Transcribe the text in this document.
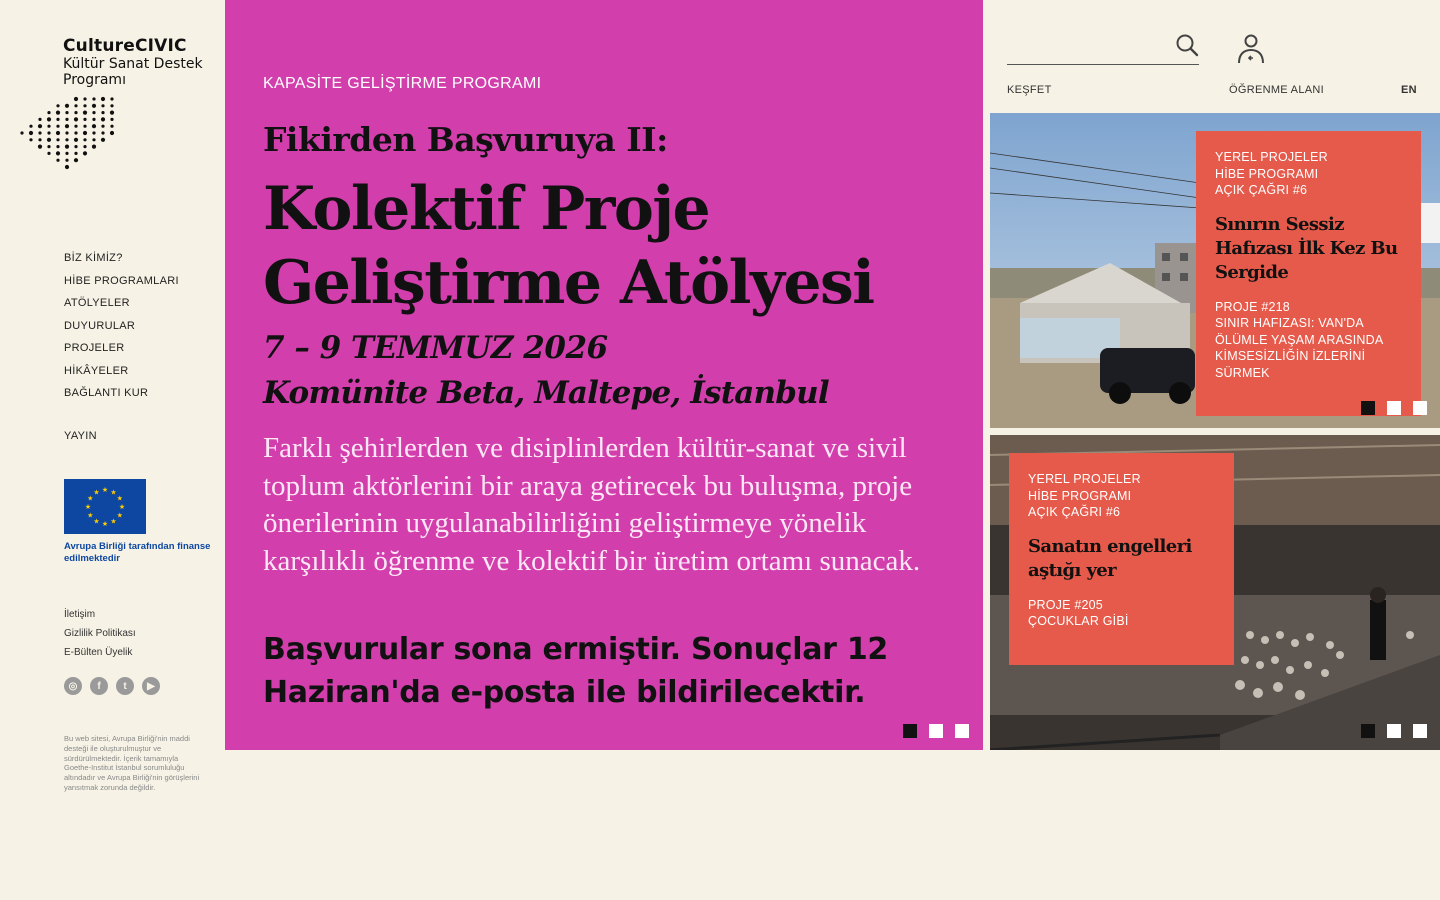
CultureCIVIC
Kültür Sanat Destek Programı
BİZ KİMİZ?
HİBE PROGRAMLARI
ATÖLYELER
DUYURULAR
PROJELER
HİKÂYELER
BAĞLANTI KUR
YAYIN
★
★
★
★
★
★
★
★
★ ★ ★
★
Avrupa Birliği tarafından finanse edilmektedir
İletişim
Gizlilik Politikası
E-Bülten Üyelik
◎	f	t	▶

Bu web sitesi, Avrupa Birliği'nin maddi desteği ile oluşturulmuştur ve sürdürülmektedir. İçerik tamamıyla Goethe-Institut İstanbul sorumluluğu altındadır ve Avrupa Birliği'nin görüşlerini yansıtmak zorunda değildir.

KAPASİTE GELİŞTİRME PROGRAMI
Fikirden Başvuruya II:
Kolektif Proje Geliştirme Atölyesi
7 – 9 TEMMUZ 2026
Komünite Beta, Maltepe, İstanbul

Farklı şehirlerden ve disiplinlerden kültür-sanat ve sivil toplum aktörlerini bir araya getirecek bu buluşma, proje önerilerinin uygulanabilirliğini geliştirmeye yönelik karşılıklı öğrenme ve kolektif bir üretim ortamı sunacak.

Başvurular sona ermiştir. Sonuçlar 12 Haziran'da e-posta ile bildirilecektir.

KEŞFET	ÖĞRENME ALANI	EN
YEREL PROJELER
HİBE PROGRAMI
AÇIK ÇAĞRI #6
Sınırın Sessiz Hafızası İlk Kez Bu Sergide
PROJE #218
SINIR HAFIZASI: VAN'DA ÖLÜMLE YAŞAM ARASINDA KİMSESİZLİĞİN İZLERİNİ SÜRMEK
YEREL PROJELER
HİBE PROGRAMI
AÇIK ÇAĞRI #6
Sanatın engelleri aştığı yer
PROJE #205
ÇOCUKLAR GİBİ
